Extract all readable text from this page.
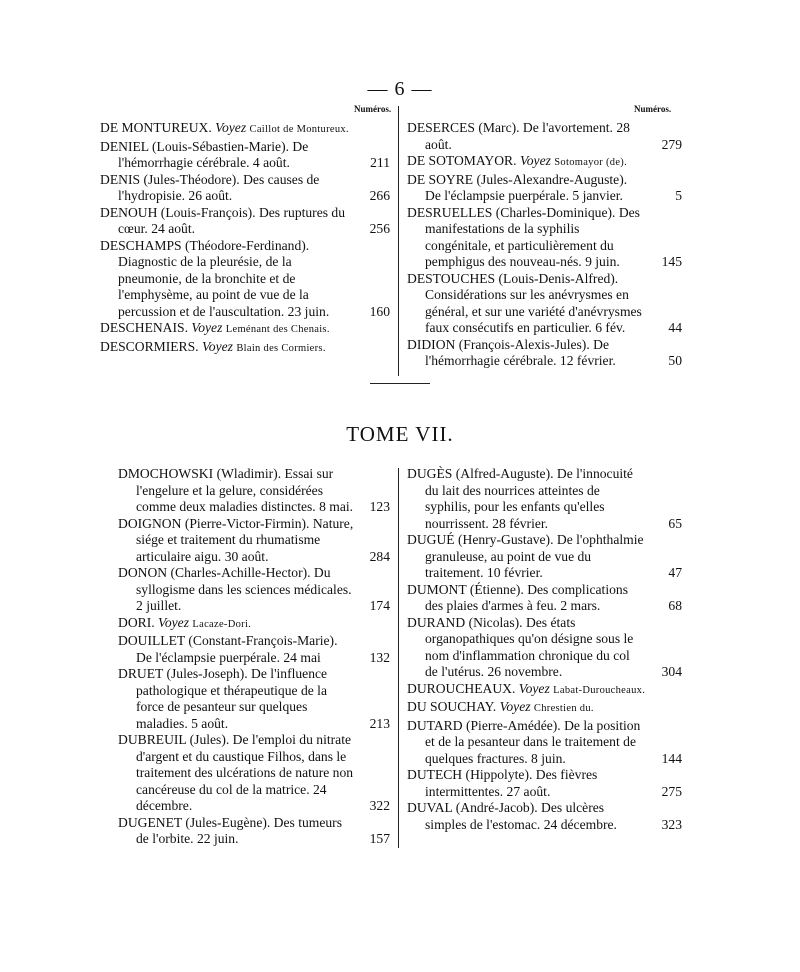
— 6 —
Numéros.	Numéros.
DE MONTUREUX. Voyez Caillot de Montureux.
DENIEL (Louis-Sébastien-Marie). De l'hémorrhagie cérébrale. 4 août.	211
DENIS (Jules-Théodore). Des causes de l'hydropisie. 26 août.	266
DENOUH (Louis-François). Des ruptures du cœur. 24 août.	256
DESCHAMPS (Théodore-Ferdinand). Diagnostic de la pleurésie, de la pneumonie, de la bronchite et de l'emphysème, au point de vue de la percussion et de l'auscultation. 23 juin.	160
DESCHENAIS. Voyez Leménant des Chenais.
DESCORMIERS. Voyez Blain des Cormiers.
DESERCES (Marc). De l'avortement. 28 août.	279
DE SOTOMAYOR. Voyez Sotomayor (de).
DE SOYRE (Jules-Alexandre-Auguste). De l'éclampsie puerpérale. 5 janvier.	5
DESRUELLES (Charles-Dominique). Des manifestations de la syphilis congénitale, et particulièrement du pemphigus des nouveau-nés. 9 juin.	145
DESTOUCHES (Louis-Denis-Alfred). Considérations sur les anévrysmes en général, et sur une variété d'anévrysmes faux consécutifs en particulier. 6 fév.	44
DIDION (François-Alexis-Jules). De l'hémorrhagie cérébrale. 12 février.	50
TOME VII.
DMOCHOWSKI (Wladimir). Essai sur l'engelure et la gelure, considérées comme deux maladies distinctes. 8 mai. 123
DOIGNON (Pierre-Victor-Firmin). Nature, siége et traitement du rhumatisme articulaire aigu. 30 août.	284
DONON (Charles-Achille-Hector). Du syllogisme dans les sciences médicales. 2 juillet.	174
DORI. Voyez Lacaze-Dori.
DOUILLET (Constant-François-Marie). De l'éclampsie puerpérale. 24 mai	132
DRUET (Jules-Joseph). De l'influence pathologique et thérapeutique de la force de pesanteur sur quelques maladies. 5 août.	213
DUBREUIL (Jules). De l'emploi du nitrate d'argent et du caustique Filhos, dans le traitement des ulcérations de nature non cancéreuse du col de la matrice. 24 décembre.	322
DUGENET (Jules-Eugène). Des tumeurs de l'orbite. 22 juin.	157
DUGÈS (Alfred-Auguste). De l'innocuité du lait des nourrices atteintes de syphilis, pour les enfants qu'elles nourrissent. 28 février.	65
DUGUÉ (Henry-Gustave). De l'ophthalmie granuleuse, au point de vue du traitement. 10 février.	47
DUMONT (Étienne). Des complications des plaies d'armes à feu. 2 mars.	68
DURAND (Nicolas). Des états organopathiques qu'on désigne sous le nom d'inflammation chronique du col de l'utérus. 26 novembre.	304
DUROUCHEAUX. Voyez Labat-Duroucheaux.
DU SOUCHAY. Voyez Chrestien du.
DUTARD (Pierre-Amédée). De la position et de la pesanteur dans le traitement de quelques fractures. 8 juin.	144
DUTECH (Hippolyte). Des fièvres intermittentes. 27 août.	275
DUVAL (André-Jacob). Des ulcères simples de l'estomac. 24 décembre.	323
